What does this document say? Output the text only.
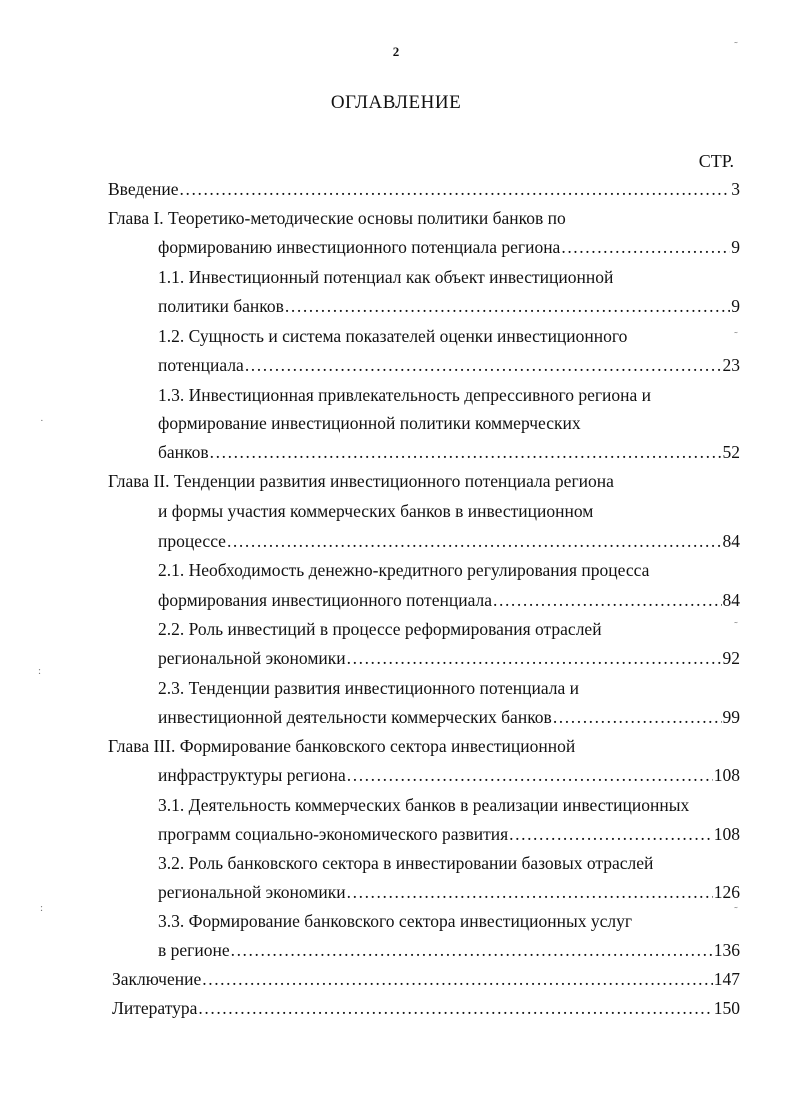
2
ОГЛАВЛЕНИЕ
СТР.
Введение .....	3
Глава I. Теоретико-методические основы политики банков по
формированию инвестиционного потенциала региона .....	9
1.1. Инвестиционный потенциал как объект инвестиционной
политики банков .....	9
1.2. Сущность и система показателей оценки инвестиционного
потенциала .....	23
1.3. Инвестиционная привлекательность депрессивного региона и
формирование инвестиционной политики коммерческих
банков .....	52
Глава II. Тенденции развития инвестиционного потенциала региона
и формы участия коммерческих банков в инвестиционном
процессе .....	84
2.1. Необходимость денежно-кредитного регулирования процесса
формирования инвестиционного потенциала .....	84
2.2. Роль инвестиций в процессе реформирования отраслей
региональной экономики .....	92
2.3. Тенденции развития инвестиционного потенциала и
инвестиционной деятельности коммерческих банков .....	99
Глава III. Формирование банковского сектора инвестиционной
инфраструктуры региона .....	108
3.1. Деятельность коммерческих банков в реализации инвестиционных
программ социально-экономического развития .....	108
3.2. Роль банковского сектора в инвестировании базовых отраслей
региональной экономики .....	126
3.3. Формирование банковского сектора инвестиционных услуг
в регионе .....	136
Заключение .....	147
Литература .....	150
˜
˜
˜
˜
·
:
:
